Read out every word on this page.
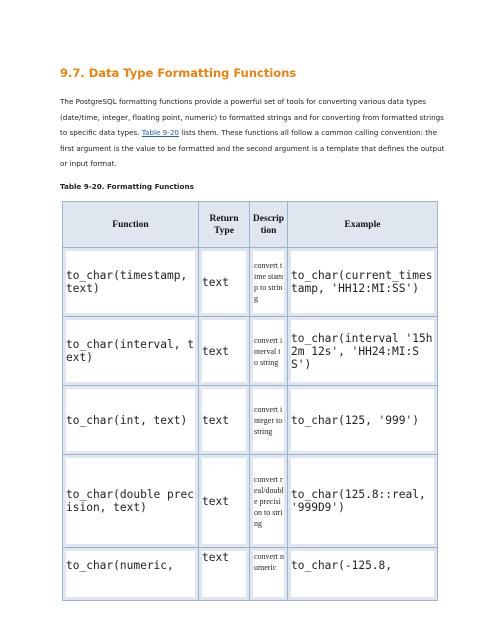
9.7. Data Type Formatting Functions
The PostgreSQL formatting functions provide a powerful set of tools for converting various data types (date/time, integer, floating point, numeric) to formatted strings and for converting from formatted strings to specific data types. Table 9-20 lists them. These functions all follow a common calling convention: the first argument is the value to be formatted and the second argument is a template that defines the output or input format.
Table 9-20. Formatting Functions
Function	Return Type	Descrip tion	Example

to_char(timestamp, text)	text	convert time stamp to string	to_char(current_timestamp, 'HH12:MI:SS')

to_char(interval, text)	text	convert interval to string	to_char(interval '15h 2m 12s', 'HH24:MI:SS')

to_char(int, text)	text	convert integer to string	to_char(125, '999')

to_char(double precision, text)	text	convert real/double precision to string	to_char(125.8::real, '999D9')

to_char(numeric,	text	convert numeric	to_char(-125.8,
